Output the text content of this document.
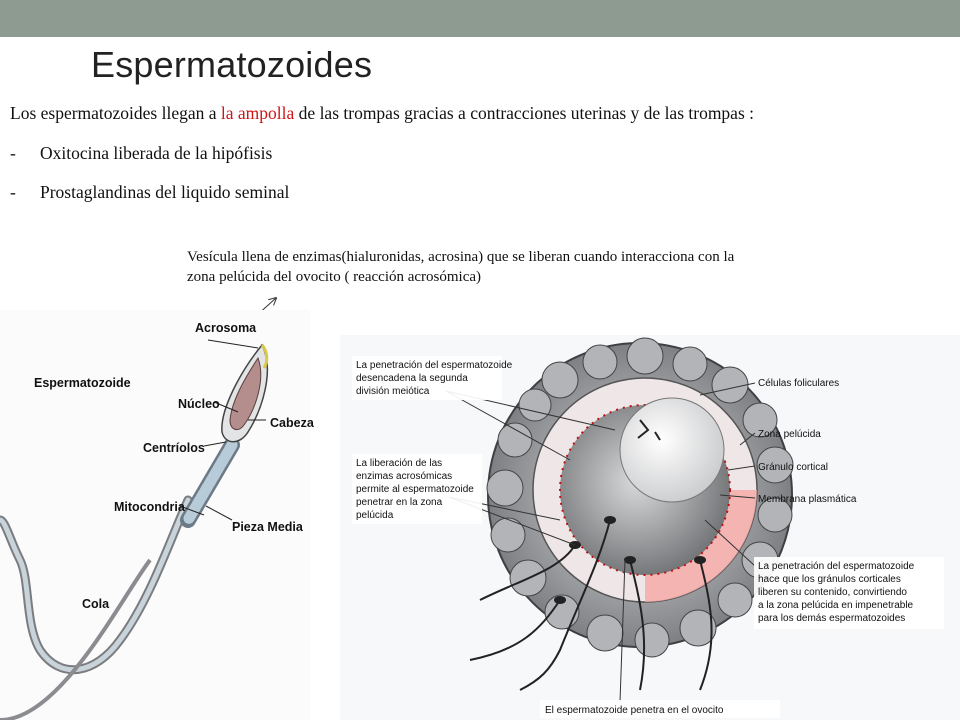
Espermatozoides
Los espermatozoides llegan a la ampolla de las trompas gracias a contracciones uterinas y de las trompas :
- Oxitocina liberada de la hipófisis
- Prostaglandinas del liquido seminal
Vesícula llena de enzimas(hialuronidas, acrosina) que se liberan cuando interacciona con la
zona pelúcida del ovocito ( reacción acrosómica)
Espermatozoide
Acrosoma
Núcleo
Cabeza
Centríolos
Mitocondria
Pieza Media
Cola
La penetración del espermatozoide desencadena la segunda división meiótica
La liberación de las enzimas acrosómicas permite al espermatozoide penetrar en la zona pelúcida
Células foliculares
Zona pelúcida
Gránulo cortical
Membrana plasmática
La penetración del espermatozoide hace que los gránulos corticales liberen su contenido, convirtiendo a la zona pelúcida en impenetrable para los demás espermatozoides
El espermatozoide penetra en el ovocito
